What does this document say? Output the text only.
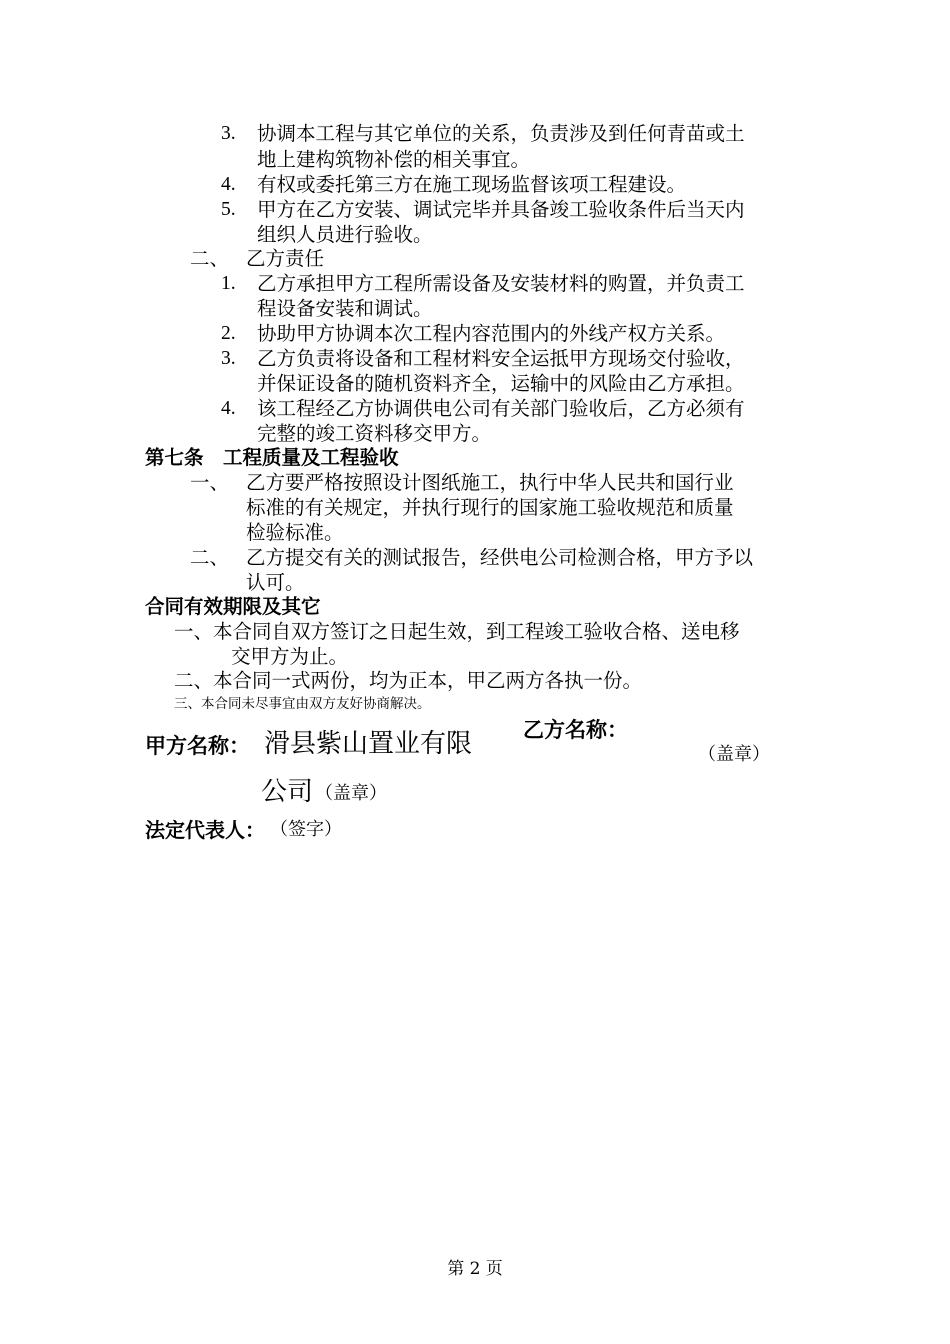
3. 协调本工程与其它单位的关系，负责涉及到任何青苗或土
地上建构筑物补偿的相关事宜。
4. 有权或委托第三方在施工现场监督该项工程建设。
5. 甲方在乙方安装、调试完毕并具备竣工验收条件后当天内
组织人员进行验收。
二、 乙方责任
1. 乙方承担甲方工程所需设备及安装材料的购置，并负责工
程设备安装和调试。
2. 协助甲方协调本次工程内容范围内的外线产权方关系。
3. 乙方负责将设备和工程材料安全运抵甲方现场交付验收，
并保证设备的随机资料齐全，运输中的风险由乙方承担。
4. 该工程经乙方协调供电公司有关部门验收后，乙方必须有
完整的竣工资料移交甲方。
第七条　工程质量及工程验收
一、 乙方要严格按照设计图纸施工，执行中华人民共和国行业
标准的有关规定，并执行现行的国家施工验收规范和质量
检验标准。
二、 乙方提交有关的测试报告，经供电公司检测合格，甲方予以
认可。
合同有效期限及其它
一、本合同自双方签订之日起生效，到工程竣工验收合格、送电移
交甲方为止。
二、本合同一式两份，均为正本，甲乙两方各执一份。
三、本合同未尽事宜由双方友好协商解决。
甲方名称： 滑县紫山置业有限 乙方名称：
（盖章）
公司 （盖章）
法定代表人： （签字）
第 2 页
